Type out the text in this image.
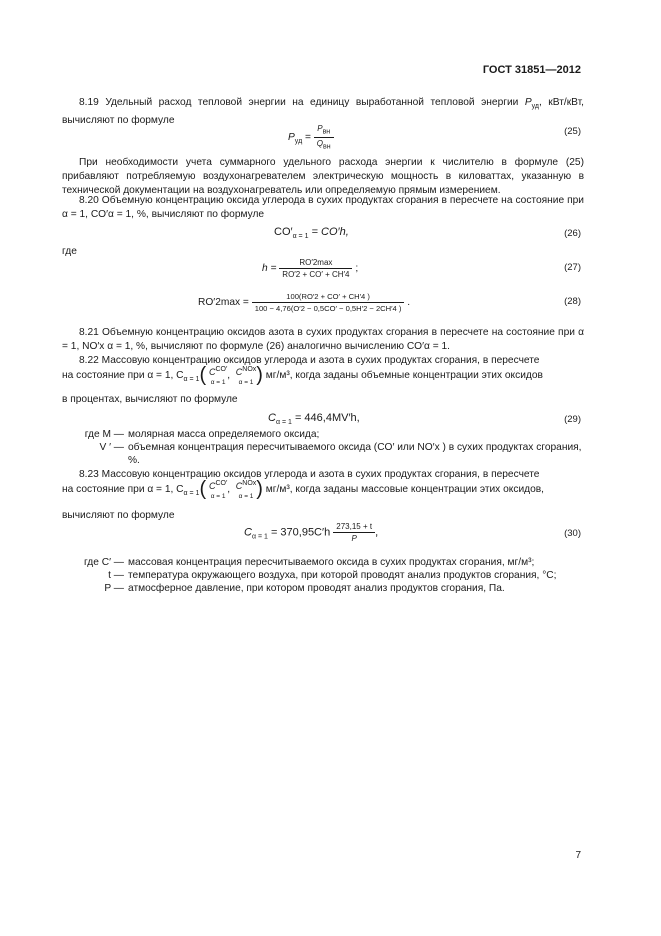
ГОСТ 31851—2012
8.19 Удельный расход тепловой энергии на единицу выработанной тепловой энергии $P_{уд}$, кВт/кВт, вычисляют по формуле
$P_{уд} = \frac{P_{вн}}{Q_{вн}}$	(25)
При необходимости учета суммарного удельного расхода энергии к числителю в формуле (25) прибавляют потребляемую воздухонагревателем электрическую мощность в киловаттах, указанную в технической документации на воздухонагреватель или определяемую прямым измерением.
8.20 Объемную концентрацию оксида углерода в сухих продуктах сгорания в пересчете на состояние при α = 1, CO′α = 1, %, вычисляют по формуле
$CO'_{\alpha = 1} = CO'h$,	(26)
где
$h = \frac{RO'2\max}{RO'2 + CO' + CH'4}$ ;	(27)
$RO'2\max = \frac{100(RO'2 + CO' + CH'4 )}{100 - 4,76(O'2 - 0,5CO' - 0,5H'2 - 2CH'4 )}$ .	(28)
8.21 Объемную концентрацию оксидов азота в сухих продуктах сгорания в пересчете на состояние при α = 1, NO′x α = 1, %, вычисляют по формуле (26) аналогично вычислению CO′α = 1.
8.22 Массовую концентрацию оксидов углерода и азота в сухих продуктах сгорания, в пересчете
на состояние при α = 1, $C_{\alpha = 1}$( $C^{CO'}$
α = 1,  $C^{NOx}$
α = 1 ) мг/м³, когда заданы объемные концентрации этих оксидов
в процентах, вычисляют по формуле
$C_{\alpha = 1} = 446,4MV'h$,	(29)
где M — молярная масса определяемого оксида;
V ′ — объемная концентрация пересчитываемого оксида (CO′ или NO′x ) в сухих продуктах сгорания, %.
8.23 Массовую концентрацию оксидов углерода и азота в сухих продуктах сгорания, в пересчете
на состояние при α = 1, $C_{\alpha = 1}$( $C^{CO'}$
α = 1,  $C^{NOx}$
α = 1 ) мг/м³, когда заданы массовые концентрации этих оксидов,
вычисляют по формуле
$C_{\alpha = 1} = 370,95C'h \frac{273,15 + t}{P}$ ,	(30)
где C′ — массовая концентрация пересчитываемого оксида в сухих продуктах сгорания, мг/м³;
t — температура окружающего воздуха, при которой проводят анализ продуктов сгорания, °С;
P — атмосферное давление, при котором проводят анализ продуктов сгорания, Па.
7
